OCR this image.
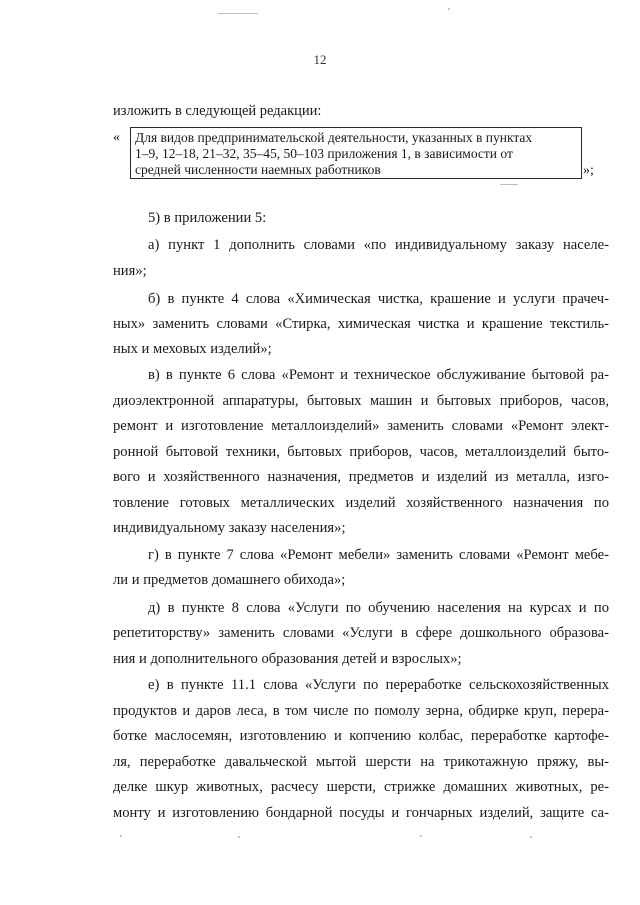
12
изложить в следующей редакции:
« Для видов предпринимательской деятельности, указанных в пунктах
1–9, 12–18, 21–32, 35–45, 50–103 приложения 1, в зависимости от
средней численности наемных работников	»;
5) в приложении 5:
а) пункт 1 дополнить словами «по индивидуальному заказу населе-
ния»;
б) в пункте 4 слова «Химическая чистка, крашение и услуги прачеч-
ных» заменить словами «Стирка, химическая чистка и крашение текстиль-
ных и меховых изделий»;
в) в пункте 6 слова «Ремонт и техническое обслуживание бытовой ра-
диоэлектронной аппаратуры, бытовых машин и бытовых приборов, часов,
ремонт и изготовление металлоизделий» заменить словами «Ремонт элект-
ронной бытовой техники, бытовых приборов, часов, металлоизделий быто-
вого и хозяйственного назначения, предметов и изделий из металла, изго-
товление готовых металлических изделий хозяйственного назначения по
индивидуальному заказу населения»;
г) в пункте 7 слова «Ремонт мебели» заменить словами «Ремонт мебе-
ли и предметов домашнего обихода»;
д) в пункте 8 слова «Услуги по обучению населения на курсах и по
репетиторству» заменить словами «Услуги в сфере дошкольного образова-
ния и дополнительного образования детей и взрослых»;
е) в пункте 11.1 слова «Услуги по переработке сельскохозяйственных
продуктов и даров леса, в том числе по помолу зерна, обдирке круп, перера-
ботке маслосемян, изготовлению и копчению колбас, переработке картофе-
ля, переработке давальческой мытой шерсти на трикотажную пряжу, вы-
делке шкур животных, расчесу шерсти, стрижке домашних животных, ре-
монту и изготовлению бондарной посуды и гончарных изделий, защите са-
